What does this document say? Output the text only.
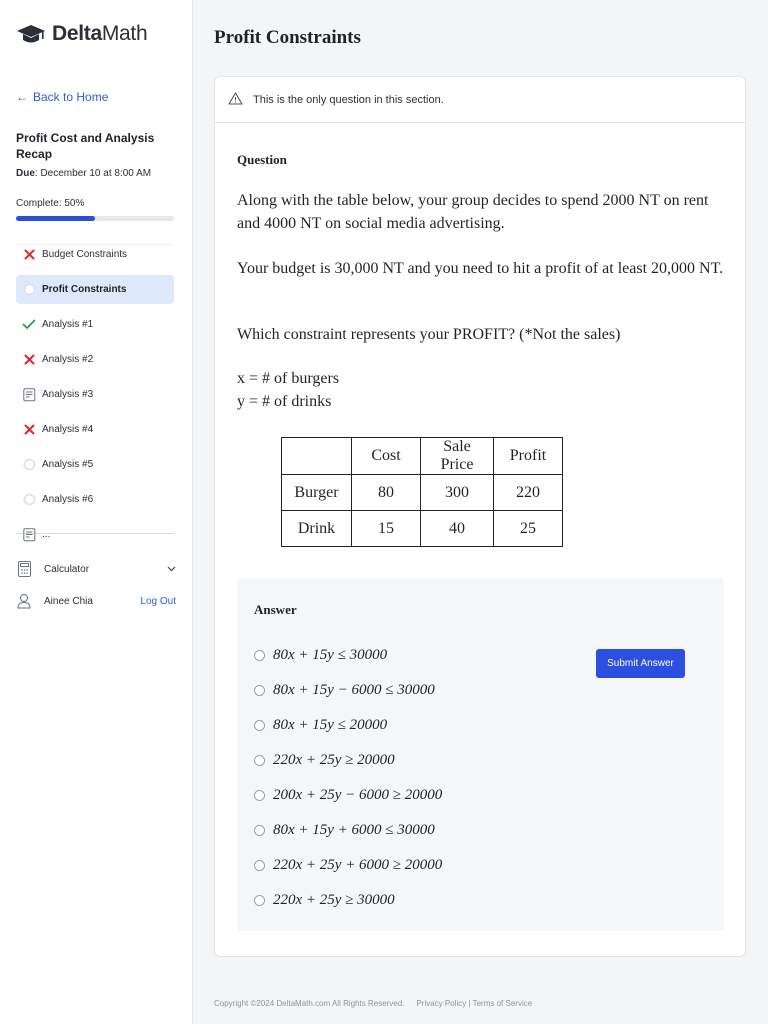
DeltaMath
← Back to Home
Profit Cost and Analysis Recap
Due: December 10 at 8:00 AM
Complete: 50%
Budget Constraints
Profit Constraints
Analysis #1
Analysis #2
Analysis #3
Analysis #4
Analysis #5
Analysis #6
...
Calculator
Ainee Chia	Log Out
Profit Constraints
This is the only question in this section.
Question

Along with the table below, your group decides to spend 2000 NT on rent and 4000 NT on social media advertising.

Your budget is 30,000 NT and you need to hit a profit of at least 20,000 NT.

Which constraint represents your PROFIT? (*Not the sales)

x = # of burgers

y = # of drinks

	Cost	Sale Price	Profit
Burger	80	300	220
Drink	15	40	25
Answer
Submit Answer
80x + 15y ≤ 30000
80x + 15y − 6000 ≤ 30000
80x + 15y ≤ 20000
220x + 25y ≥ 20000
200x + 25y − 6000 ≥ 20000
80x + 15y + 6000 ≤ 30000
220x + 25y + 6000 ≥ 20000
220x + 25y ≥ 30000
Copyright ©2024 DeltaMath.com All Rights Reserved. Privacy Policy | Terms of Service
